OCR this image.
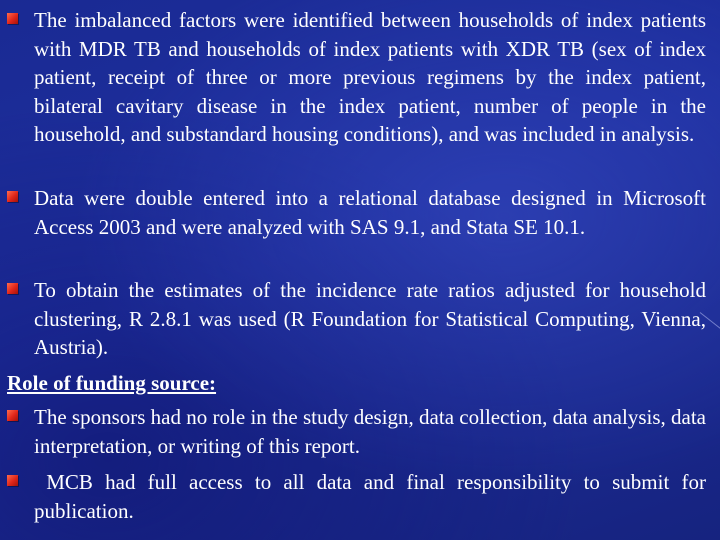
The imbalanced factors were identified between households of index patients with MDR TB and households of index patients with XDR TB (sex of index patient, receipt of three or more previous regimens by the index patient, bilateral cavitary disease in the index patient, number of people in the household, and substandard housing conditions), and was included in analysis.
Data were double entered into a relational database designed in Microsoft Access 2003 and were analyzed with SAS 9.1, and Stata SE 10.1.
To obtain the estimates of the incidence rate ratios adjusted for household clustering, R 2.8.1 was used (R Foundation for Statistical Computing, Vienna, Austria).
Role of funding source:
The sponsors had no role in the study design, data collection, data analysis, data interpretation, or writing of this report.
MCB had full access to all data and final responsibility to submit for publication.
